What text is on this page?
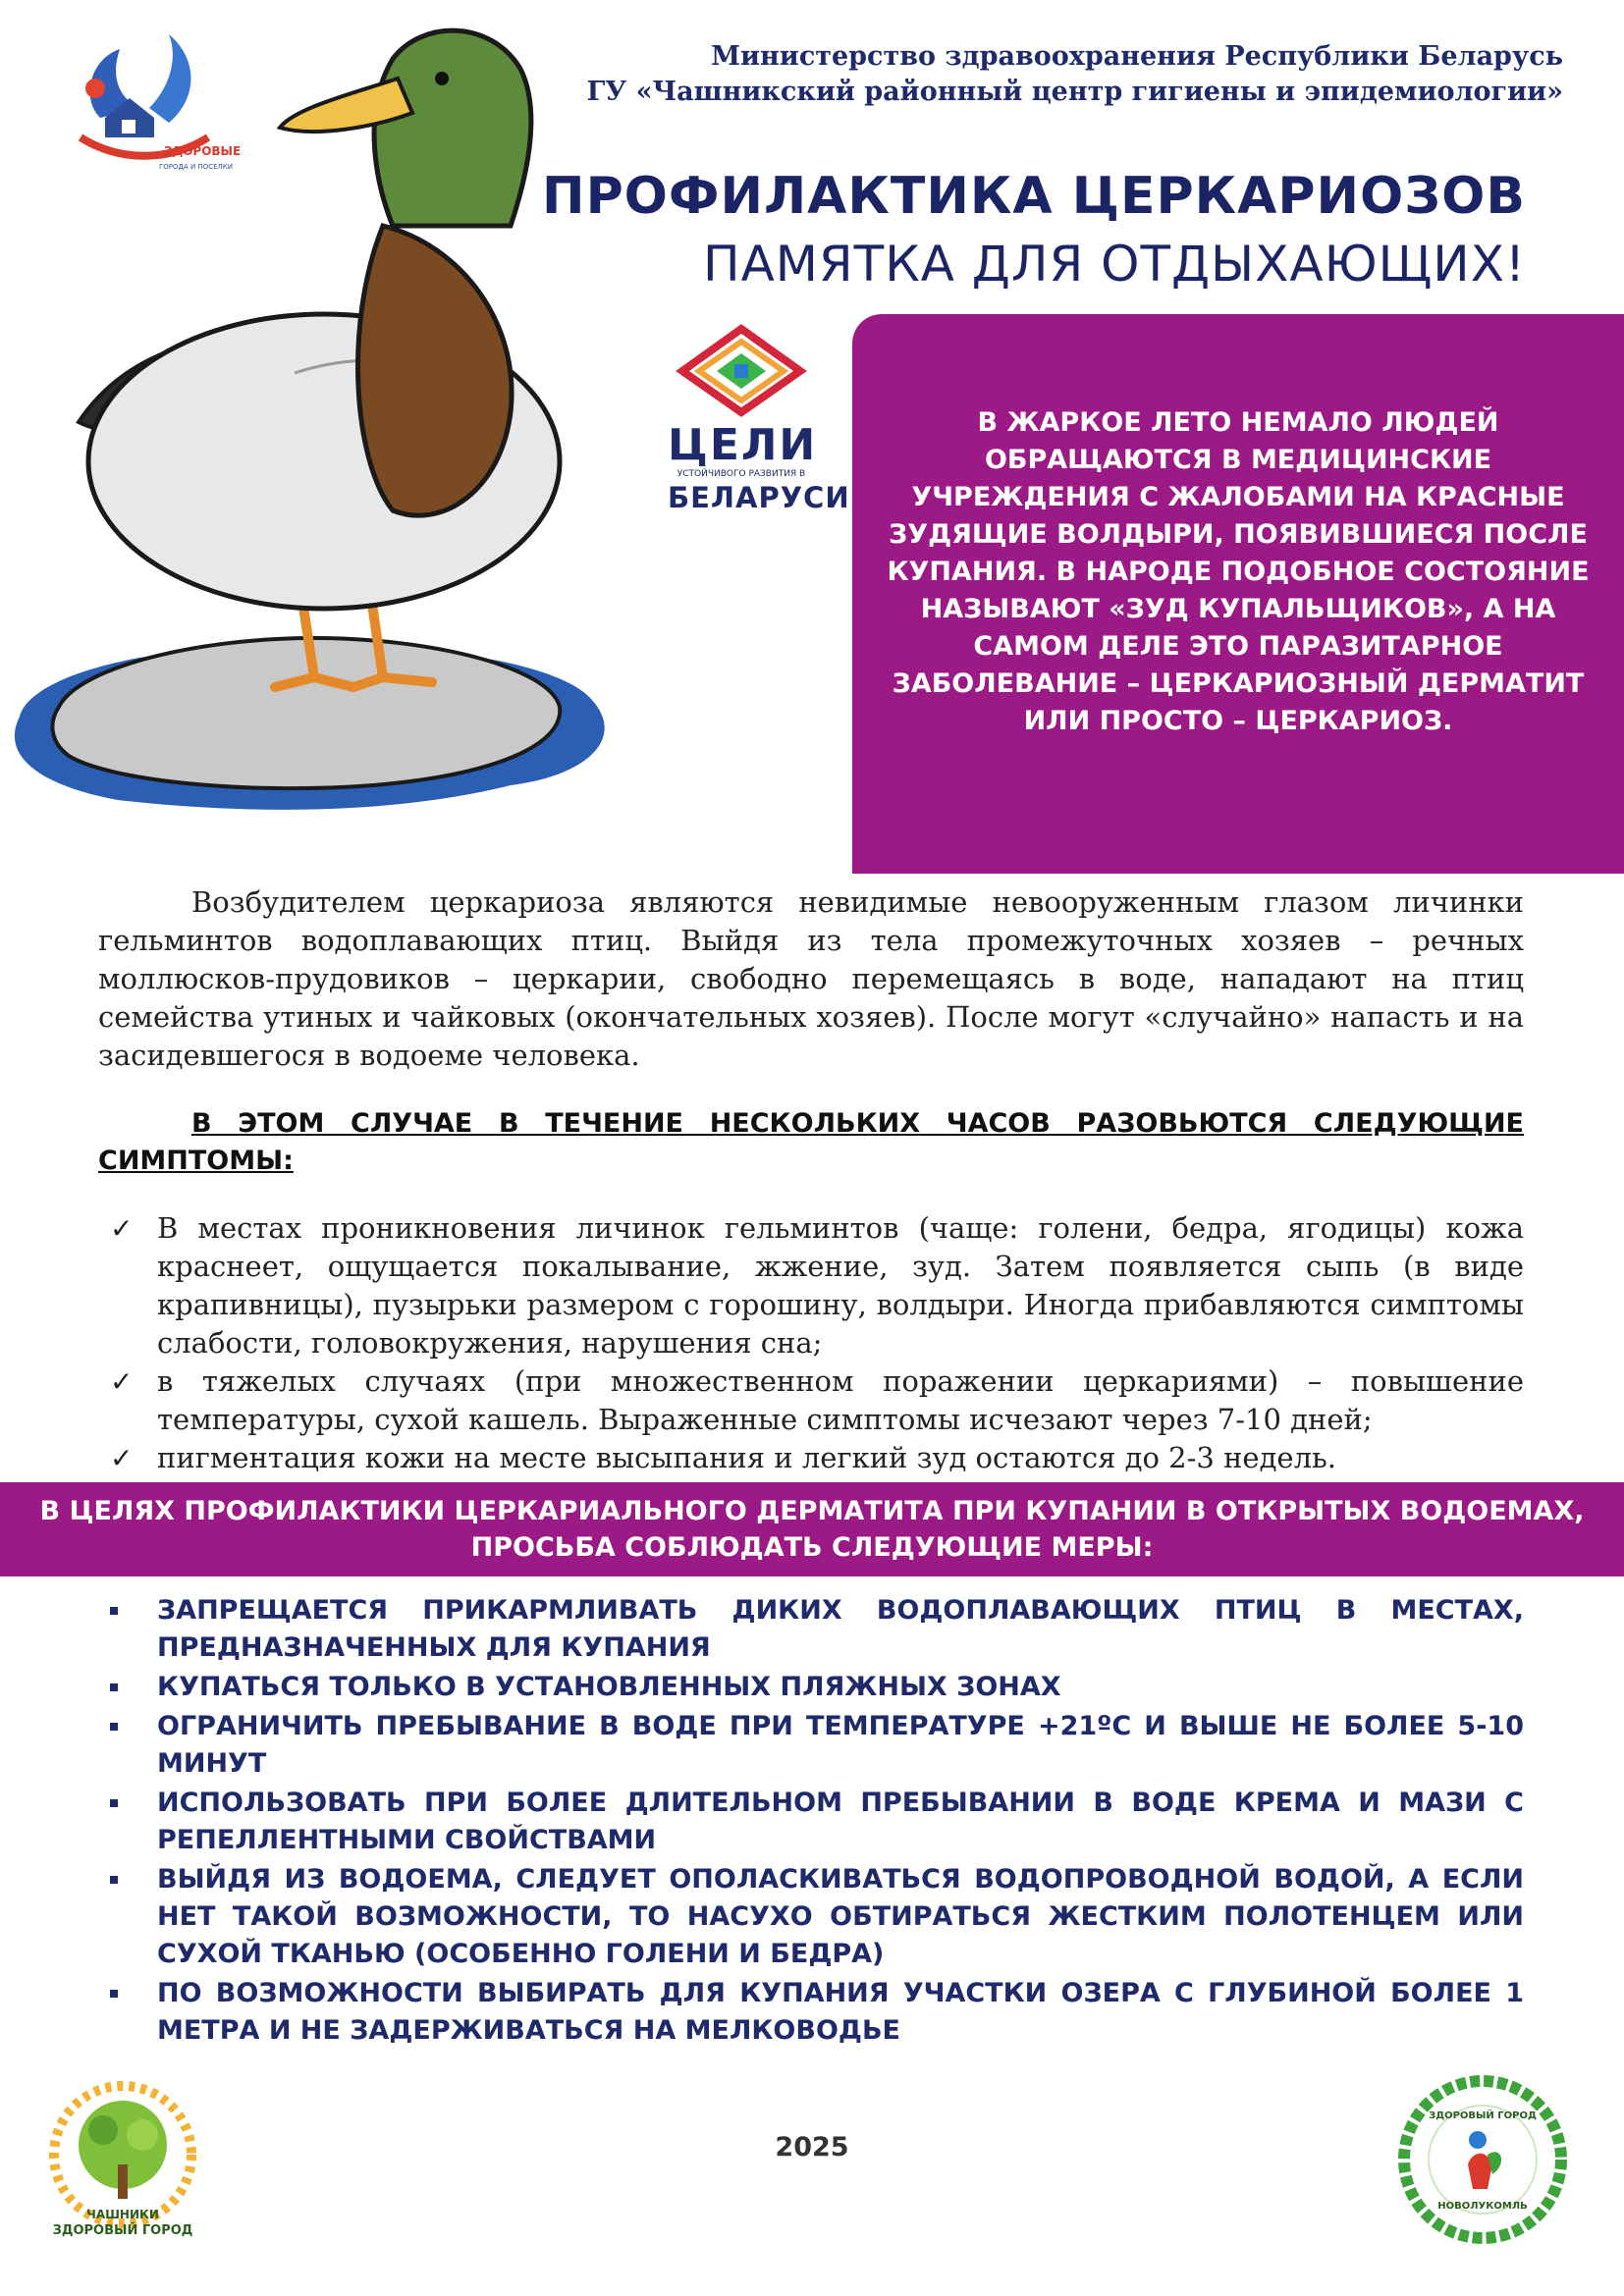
ЗДОРОВЫЕ
ГОРОДА И ПОСЕЛКИ
Министерство здравоохранения Республики Беларусь
ГУ «Чашникский районный центр гигиены и эпидемиологии»
ПРОФИЛАКТИКА ЦЕРКАРИОЗОВ
ПАМЯТКА ДЛЯ ОТДЫХАЮЩИХ!
ЦЕЛИ
УСТОЙЧИВОГО РАЗВИТИЯ В
БЕЛАРУСИ
В ЖАРКОЕ ЛЕТО НЕМАЛО ЛЮДЕЙ ОБРАЩАЮТСЯ В МЕДИЦИНСКИЕ УЧРЕЖДЕНИЯ С ЖАЛОБАМИ НА КРАСНЫЕ ЗУДЯЩИЕ ВОЛДЫРИ, ПОЯВИВШИЕСЯ ПОСЛЕ КУПАНИЯ. В НАРОДЕ ПОДОБНОЕ СОСТОЯНИЕ НАЗЫВАЮТ «ЗУД КУПАЛЬЩИКОВ», А НА САМОМ ДЕЛЕ ЭТО ПАРАЗИТАРНОЕ ЗАБОЛЕВАНИЕ – ЦЕРКАРИОЗНЫЙ ДЕРМАТИТ ИЛИ ПРОСТО – ЦЕРКАРИОЗ.
Возбудителем церкариоза являются невидимые невооруженным глазом личинки гельминтов водоплавающих птиц. Выйдя из тела промежуточных хозяев – речных моллюсков-прудовиков – церкарии, свободно перемещаясь в воде, нападают на птиц семейства утиных и чайковых (окончательных хозяев). После могут «случайно» напасть и на засидевшегося в водоеме человека.
В ЭТОМ СЛУЧАЕ В ТЕЧЕНИЕ НЕСКОЛЬКИХ ЧАСОВ РАЗОВЬЮТСЯ СЛЕДУЮЩИЕ СИМПТОМЫ:
✓ В местах проникновения личинок гельминтов (чаще: голени, бедра, ягодицы) кожа краснеет, ощущается покалывание, жжение, зуд. Затем появляется сыпь (в виде крапивницы), пузырьки размером с горошину, волдыри. Иногда прибавляются симптомы слабости, головокружения, нарушения сна;
✓ в тяжелых случаях (при множественном поражении церкариями) – повышение температуры, сухой кашель. Выраженные симптомы исчезают через 7-10 дней;
✓ пигментация кожи на месте высыпания и легкий зуд остаются до 2-3 недель.
В ЦЕЛЯХ ПРОФИЛАКТИКИ ЦЕРКАРИАЛЬНОГО ДЕРМАТИТА ПРИ КУПАНИИ В ОТКРЫТЫХ ВОДОЕМАХ, ПРОСЬБА СОБЛЮДАТЬ СЛЕДУЮЩИЕ МЕРЫ:
ЗАПРЕЩАЕТСЯ ПРИКАРМЛИВАТЬ ДИКИХ ВОДОПЛАВАЮЩИХ ПТИЦ В МЕСТАХ, ПРЕДНАЗНАЧЕННЫХ ДЛЯ КУПАНИЯ
КУПАТЬСЯ ТОЛЬКО В УСТАНОВЛЕННЫХ ПЛЯЖНЫХ ЗОНАХ
ОГРАНИЧИТЬ ПРЕБЫВАНИЕ В ВОДЕ ПРИ ТЕМПЕРАТУРЕ +21ºС И ВЫШЕ НЕ БОЛЕЕ 5-10 МИНУТ
ИСПОЛЬЗОВАТЬ ПРИ БОЛЕЕ ДЛИТЕЛЬНОМ ПРЕБЫВАНИИ В ВОДЕ КРЕМА И МАЗИ С РЕПЕЛЛЕНТНЫМИ СВОЙСТВАМИ
ВЫЙДЯ ИЗ ВОДОЕМА, СЛЕДУЕТ ОПОЛАСКИВАТЬСЯ ВОДОПРОВОДНОЙ ВОДОЙ, А ЕСЛИ НЕТ ТАКОЙ ВОЗМОЖНОСТИ, ТО НАСУХО ОБТИРАТЬСЯ ЖЕСТКИМ ПОЛОТЕНЦЕМ ИЛИ СУХОЙ ТКАНЬЮ (ОСОБЕННО ГОЛЕНИ И БЕДРА)
ПО ВОЗМОЖНОСТИ ВЫБИРАТЬ ДЛЯ КУПАНИЯ УЧАСТКИ ОЗЕРА С ГЛУБИНОЙ БОЛЕЕ 1 МЕТРА И НЕ ЗАДЕРЖИВАТЬСЯ НА МЕЛКОВОДЬЕ
ЧАШНИКИ
ЗДОРОВЫЙ ГОРОД
ЗДОРОВЫЙ ГОРОД
НОВОЛУКОМЛЬ
2025
